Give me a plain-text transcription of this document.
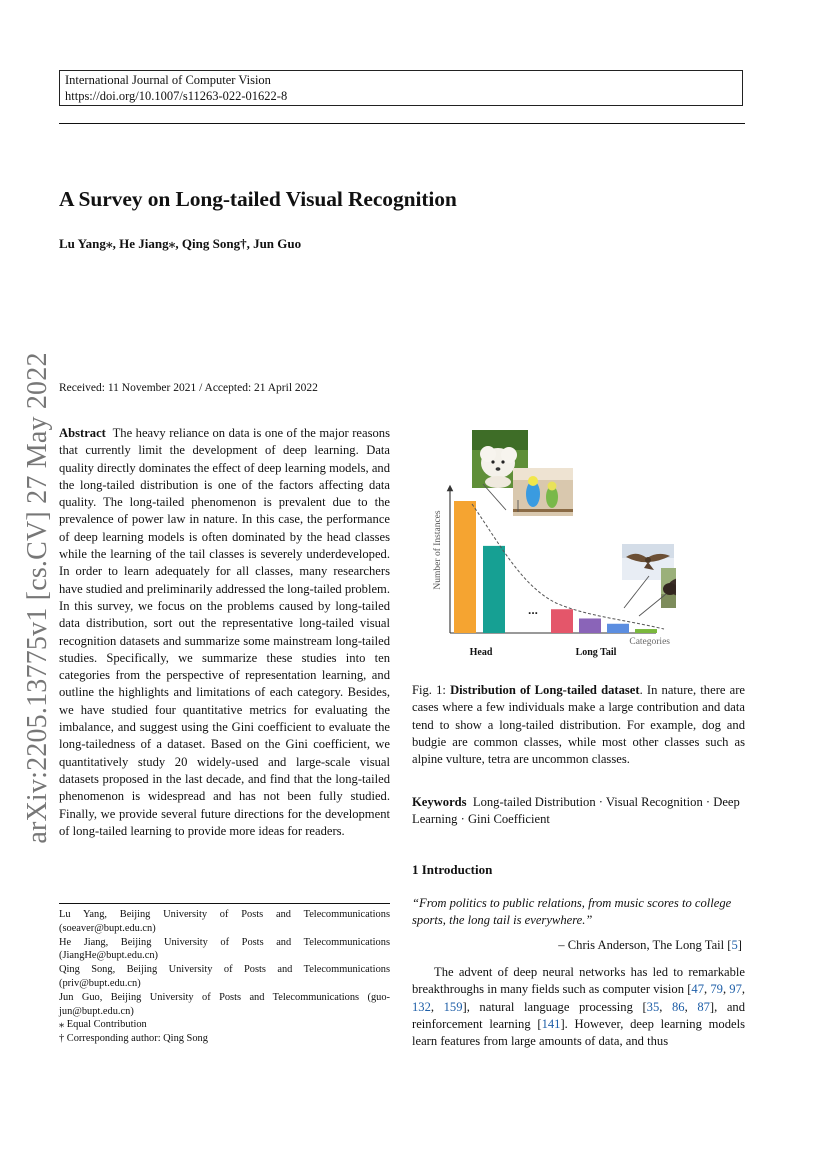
International Journal of Computer Vision
https://doi.org/10.1007/s11263-022-01622-8
A Survey on Long-tailed Visual Recognition
Lu Yang⁎, He Jiang⁎, Qing Song†, Jun Guo
arXiv:2205.13775v1 [cs.CV] 27 May 2022 Received: 11 November 2021 / Accepted: 21 April 2022
Abstract The heavy reliance on data is one of the major reasons that currently limit the development of deep learning. Data quality directly dominates the effect of deep learning models, and the long-tailed distribution is one of the factors affecting data quality. The long-tailed phenomenon is prevalent due to the prevalence of power law in nature. In this case, the performance of deep learning models is often dominated by the head classes while the learning of the tail classes is severely underdeveloped. In order to learn adequately for all classes, many researchers have studied and preliminarily addressed the long-tailed problem. In this survey, we focus on the problems caused by long-tailed data distribution, sort out the representative long-tailed visual recognition datasets and summarize some mainstream long-tailed studies. Specifically, we summarize these studies into ten categories from the perspective of representation learning, and outline the highlights and limitations of each category. Besides, we have studied four quantitative metrics for evaluating the imbalance, and suggest using the Gini coefficient to evaluate the long-tailedness of a dataset. Based on the Gini coefficient, we quantitatively study 20 widely-used and large-scale visual datasets proposed in the last decade, and find that the long-tailed phenomenon is widespread and has not been fully studied. Finally, we provide several future directions for the development of long-tailed learning to provide more ideas for readers.
Lu Yang, Beijing University of Posts and Telecommunications (soeaver@bupt.edu.cn)
He Jiang, Beijing University of Posts and Telecommunications (JiangHe@bupt.edu.cn)
Qing Song, Beijing University of Posts and Telecommunications (priv@bupt.edu.cn)
Jun Guo, Beijing University of Posts and Telecommunications (guo-jun@bupt.edu.cn)
⁎ Equal Contribution
† Corresponding author: Qing Song
Number of Instances
Categories
...
Head	Long Tail
Fig. 1: Distribution of Long-tailed dataset. In nature, there are cases where a few individuals make a large contribution and data tend to show a long-tailed distribution. For example, dog and budgie are common classes, while most other classes such as alpine vulture, tetra are uncommon classes.
Keywords Long-tailed Distribution · Visual Recognition · Deep Learning · Gini Coefficient
1 Introduction
“From politics to public relations, from music scores to college sports, the long tail is everywhere.”
– Chris Anderson, The Long Tail [5]
The advent of deep neural networks has led to remarkable breakthroughs in many fields such as computer vision [47, 79, 97, 132, 159], natural language processing [35, 86, 87], and reinforcement learning [141]. However, deep learning models learn features from large amounts of data, and thus
